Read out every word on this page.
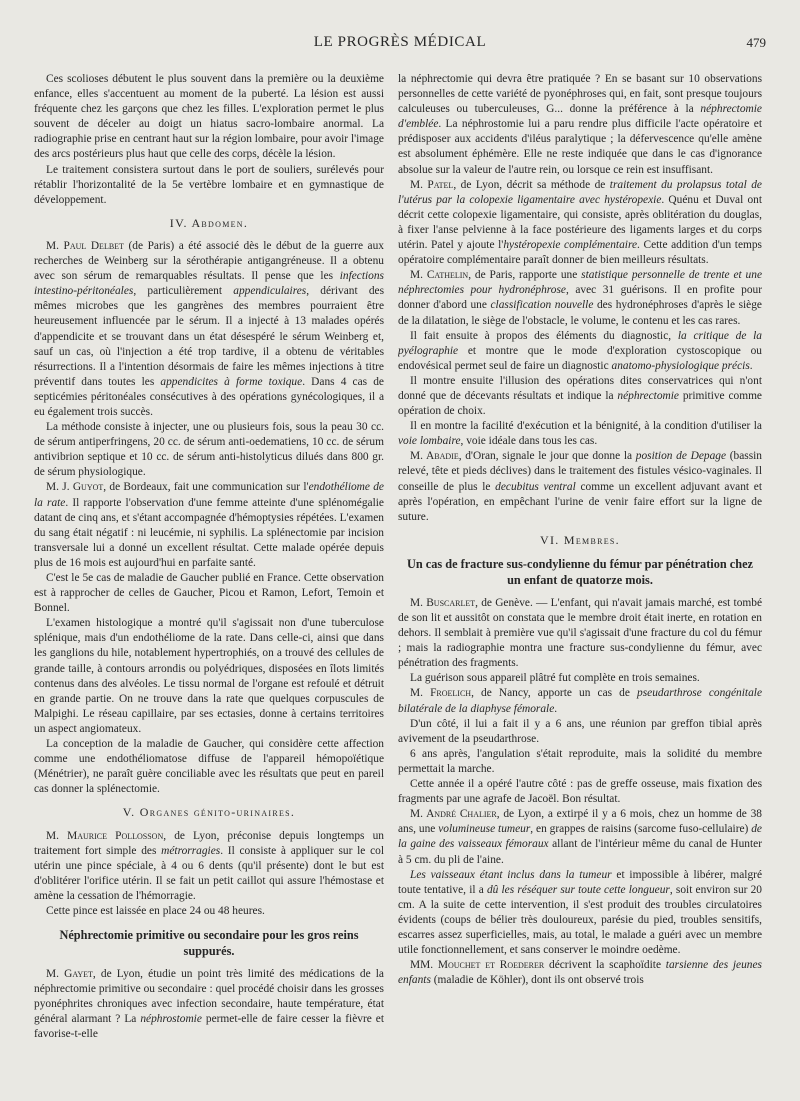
LE PROGRÈS MÉDICAL	479

Ces scolioses débutent le plus souvent dans la première ou la deuxième enfance, elles s'accentuent au moment de la puberté. La lésion est aussi fréquente chez les garçons que chez les filles. L'exploration permet le plus souvent de déceler au doigt un hiatus sacro-lombaire anormal. La radiographie prise en centrant haut sur la région lombaire, pour avoir l'image des arcs postérieurs plus haut que celle des corps, décèle la lésion.

Le traitement consistera surtout dans le port de souliers, surélevés pour rétablir l'horizontalité de la 5e vertèbre lombaire et en gymnastique de développement.

IV. Abdomen.

M. Paul Delbet (de Paris) a été associé dès le début de la guerre aux recherches de Weinberg sur la sérothérapie antigangréneuse. Il a obtenu avec son sérum de remarquables résultats. Il pense que les infections intestino-péritonéales, particulièrement appendiculaires, dérivant des mêmes microbes que les gangrènes des membres pourraient être heureusement influencée par le sérum. Il a injecté à 13 malades opérés d'appendicite et se trouvant dans un état désespéré le sérum Weinberg et, sauf un cas, où l'injection a été trop tardive, il a obtenu de véritables résurrections. Il a l'intention désormais de faire les mêmes injections à titre préventif dans toutes les appendicites à forme toxique. Dans 4 cas de septicémies péritonéales consécutives à des opérations gynécologiques, il a eu également trois succès.

La méthode consiste à injecter, une ou plusieurs fois, sous la peau 30 cc. de sérum antiperfringens, 20 cc. de sérum anti-oedematiens, 10 cc. de sérum antivibrion septique et 10 cc. de sérum anti-histolyticus dilués dans 800 gr. de sérum physiologique.

M. J. Guyot, de Bordeaux, fait une communication sur l'endothéliome de la rate. Il rapporte l'observation d'une femme atteinte d'une splénomégalie datant de cinq ans, et s'étant accompagnée d'hémoptysies répétées. L'examen du sang était négatif : ni leucémie, ni syphilis. La splénectomie par incision transversale lui a donné un excellent résultat. Cette malade opérée depuis plus de 16 mois est aujourd'hui en parfaite santé.

C'est le 5e cas de maladie de Gaucher publié en France. Cette observation est à rapprocher de celles de Gaucher, Picou et Ramon, Lefort, Temoin et Bonnel.

L'examen histologique a montré qu'il s'agissait non d'une tuberculose splénique, mais d'un endothéliome de la rate. Dans celle-ci, ainsi que dans les ganglions du hile, notablement hypertrophiés, on a trouvé des cellules de grande taille, à contours arrondis ou polyédriques, disposées en îlots limités contenus dans des alvéoles. Le tissu normal de l'organe est refoulé et détruit en grande partie. On ne trouve dans la rate que quelques corpuscules de Malpighi. Le réseau capillaire, par ses ectasies, donne à certains territoires un aspect angiomateux.

La conception de la maladie de Gaucher, qui considère cette affection comme une endothéliomatose diffuse de l'appareil hémopoïétique (Ménétrier), ne paraît guère conciliable avec les résultats que peut en pareil cas donner la splénectomie.

V. Organes génito-urinaires.

M. Maurice Pollosson, de Lyon, préconise depuis longtemps un traitement fort simple des métrorragies. Il consiste à appliquer sur le col utérin une pince spéciale, à 4 ou 6 dents (qu'il présente) dont le but est d'oblitérer l'orifice utérin. Il se fait un petit caillot qui assure l'hémostase et amène la cessation de l'hémorragie.

Cette pince est laissée en place 24 ou 48 heures.

Néphrectomie primitive ou secondaire pour les gros reins suppurés.

M. Gayet, de Lyon, étudie un point très limité des médications de la néphrectomie primitive ou secondaire : quel procédé choisir dans les grosses pyonéphrites chroniques avec infection secondaire, haute température, état général alarmant ? La néphrostomie permet-elle de faire cesser la fièvre et favorise-t-elle

la néphrectomie qui devra être pratiquée ? En se basant sur 10 observations personnelles de cette variété de pyonéphroses qui, en fait, sont presque toujours calculeuses ou tuberculeuses, G... donne la préférence à la néphrectomie d'emblée. La néphrostomie lui a paru rendre plus difficile l'acte opératoire et prédisposer aux accidents d'iléus paralytique ; la défervescence qu'elle amène est absolument éphémère. Elle ne reste indiquée que dans le cas d'ignorance absolue sur la valeur de l'autre rein, ou lorsque ce rein est insuffisant.

M. Patel, de Lyon, décrit sa méthode de traitement du prolapsus total de l'utérus par la colopexie ligamentaire avec hystéropexie. Quénu et Duval ont décrit cette colopexie ligamentaire, qui consiste, après oblitération du douglas, à fixer l'anse pelvienne à la face postérieure des ligaments larges et du corps utérin. Patel y ajoute l'hystéropexie complémentaire. Cette addition d'un temps opératoire complémentaire paraît donner de bien meilleurs résultats.

M. Cathelin, de Paris, rapporte une statistique personnelle de trente et une néphrectomies pour hydronéphrose, avec 31 guérisons. Il en profite pour donner d'abord une classification nouvelle des hydronéphroses d'après le siège de la dilatation, le siège de l'obstacle, le volume, le contenu et les cas rares.

Il fait ensuite à propos des éléments du diagnostic, la critique de la pyélographie et montre que le mode d'exploration cystoscopique ou endovésical permet seul de faire un diagnostic anatomo-physiologique précis.

Il montre ensuite l'illusion des opérations dites conservatrices qui n'ont donné que de décevants résultats et indique la néphrectomie primitive comme opération de choix.

Il en montre la facilité d'exécution et la bénignité, à la condition d'utiliser la voie lombaire, voie idéale dans tous les cas.

M. Abadie, d'Oran, signale le jour que donne la position de Depage (bassin relevé, tête et pieds déclives) dans le traitement des fistules vésico-vaginales. Il conseille de plus le decubitus ventral comme un excellent adjuvant avant et après l'opération, en empêchant l'urine de venir faire effort sur la ligne de suture.

VI. Membres.
Un cas de fracture sus-condylienne du fémur par pénétration chez un enfant de quatorze mois.

M. Buscarlet, de Genève. — L'enfant, qui n'avait jamais marché, est tombé de son lit et aussitôt on constata que le membre droit était inerte, en rotation en dehors. Il semblait à première vue qu'il s'agissait d'une fracture du col du fémur ; mais la radiographie montra une fracture sus-condylienne du fémur, avec pénétration des fragments.

La guérison sous appareil plâtré fut complète en trois semaines.

M. Froelich, de Nancy, apporte un cas de pseudarthrose congénitale bilatérale de la diaphyse fémorale.

D'un côté, il lui a fait il y a 6 ans, une réunion par greffon tibial après avivement de la pseudarthrose.

6 ans après, l'angulation s'était reproduite, mais la solidité du membre permettait la marche.

Cette année il a opéré l'autre côté : pas de greffe osseuse, mais fixation des fragments par une agrafe de Jacoël. Bon résultat.

M. André Chalier, de Lyon, a extirpé il y a 6 mois, chez un homme de 38 ans, une volumineuse tumeur, en grappes de raisins (sarcome fuso-cellulaire) de la gaine des vaisseaux fémoraux allant de l'intérieur même du canal de Hunter à 5 cm. du pli de l'aine.

Les vaisseaux étant inclus dans la tumeur et impossible à libérer, malgré toute tentative, il a dû les réséquer sur toute cette longueur, soit environ sur 20 cm. A la suite de cette intervention, il s'est produit des troubles circulatoires évidents (coups de bélier très douloureux, parésie du pied, troubles sensitifs, escarres assez superficielles, mais, au total, le malade a guéri avec un membre utile fonctionnellement, et sans conserver le moindre oedème.

MM. Mouchet et Roederer décrivent la scaphoïdite tarsienne des jeunes enfants (maladie de Köhler), dont ils ont observé trois
